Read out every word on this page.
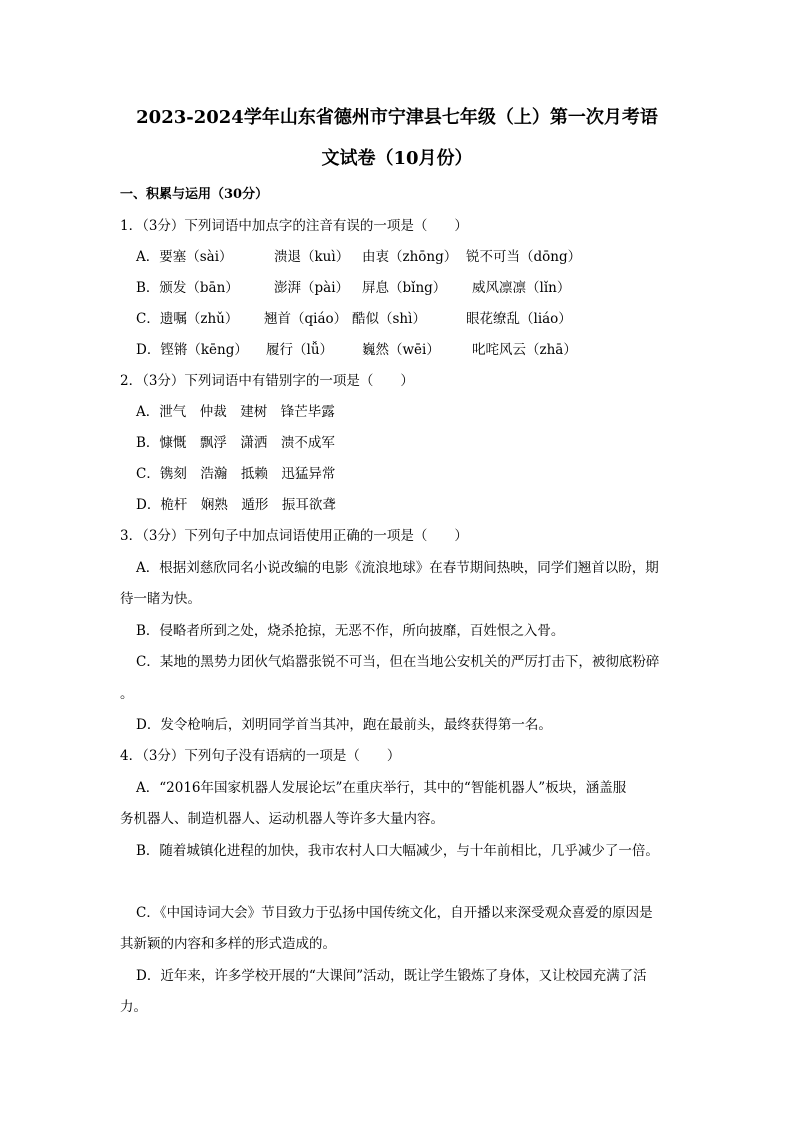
2023-2024学年山东省德州市宁津县七年级（上）第一次月考语
文试卷（10月份）
一、积累与运用（30分）
1．（3分）下列词语中加点字的注音有误的一项是（　　）
A．要塞（sài）	溃退（kuì） 由衷（zhōng） 锐不可当（dōng）
B．颁发（bān）	澎湃（pài） 屏息（bǐng） 威风凛凛（lǐn）
C．遗嘱（zhǔ） 翘首（qiáo） 酷似（shì）	眼花缭乱（liáo）
D．铿锵（kēng） 履行（lǚ） 巍然（wēi） 叱咤风云（zhā）
2．（3分）下列词语中有错别字的一项是（　　）
A．泄气　仲裁　建树　锋芒毕露
B．慷慨　飘浮　潇洒　溃不成军
C．镌刻　浩瀚　抵赖　迅猛异常
D．桅杆　娴熟　遁形　振耳欲聋
3．（3分）下列句子中加点词语使用正确的一项是（　　）
A．根据刘慈欣同名小说改编的电影《流浪地球》在春节期间热映，同学们翘首以盼，期
待一睹为快。
B．侵略者所到之处，烧杀抢掠，无恶不作，所向披靡，百姓恨之入骨。
C．某地的黑势力团伙气焰嚣张锐不可当，但在当地公安机关的严厉打击下，被彻底粉碎
。
D．发令枪响后，刘明同学首当其冲，跑在最前头，最终获得第一名。
4．（3分）下列句子没有语病的一项是（　　）
A．“2016年国家机器人发展论坛”在重庆举行，其中的“智能机器人”板块，涵盖服
务机器人、制造机器人、运动机器人等许多大量内容。
B．随着城镇化进程的加快，我市农村人口大幅减少，与十年前相比，几乎减少了一倍。
C．《中国诗词大会》节目致力于弘扬中国传统文化，自开播以来深受观众喜爱的原因是
其新颖的内容和多样的形式造成的。
D．近年来，许多学校开展的“大课间”活动，既让学生锻炼了身体，又让校园充满了活
力。
